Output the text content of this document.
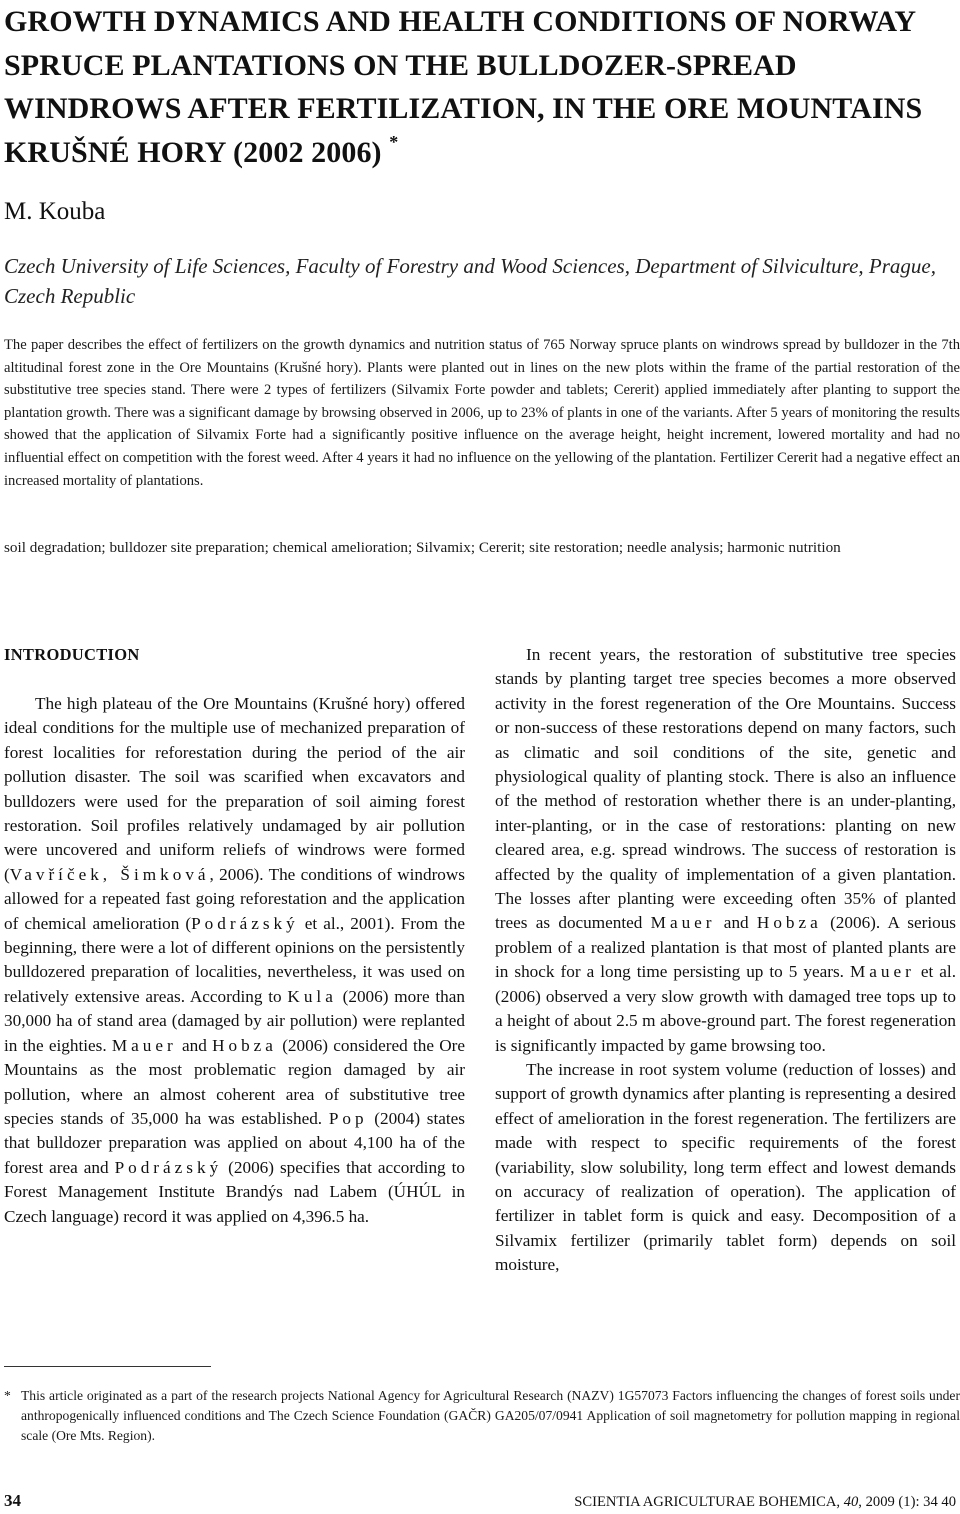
GROWTH DYNAMICS AND HEALTH CONDITIONS OF NORWAY SPRUCE PLANTATIONS ON THE BULLDOZER-SPREAD WINDROWS AFTER FERTILIZATION, IN THE ORE MOUNTAINS KRUŠNÉ HORY (2002 2006) *

M. Kouba

Czech University of Life Sciences, Faculty of Forestry and Wood Sciences, Department of Silviculture, Prague, Czech Republic

The paper describes the effect of fertilizers on the growth dynamics and nutrition status of 765 Norway spruce plants on windrows spread by bulldozer in the 7th altitudinal forest zone in the Ore Mountains (Krušné hory). Plants were planted out in lines on the new plots within the frame of the partial restoration of the substitutive tree species stand. There were 2 types of fertilizers (Silvamix Forte powder and tablets; Cererit) applied immediately after planting to support the plantation growth. There was a significant damage by browsing observed in 2006, up to 23% of plants in one of the variants. After 5 years of monitoring the results showed that the application of Silvamix Forte had a significantly positive influence on the average height, height increment, lowered mortality and had no influential effect on competition with the forest weed. After 4 years it had no influence on the yellowing of the plantation. Fertilizer Cererit had a negative effect an increased mortality of plantations.

soil degradation; bulldozer site preparation; chemical amelioration; Silvamix; Cererit; site restoration; needle analysis; harmonic nutrition

INTRODUCTION

The high plateau of the Ore Mountains (Krušné hory) offered ideal conditions for the multiple use of mechanized preparation of forest localities for reforestation during the period of the air pollution disaster. The soil was scarified when excavators and bulldozers were used for the preparation of soil aiming forest restoration. Soil profiles relatively undamaged by air pollution were uncovered and uniform reliefs of windrows were formed (Vavříček, Šimková, 2006). The conditions of windrows allowed for a repeated fast going reforestation and the application of chemical amelioration (Podrázský et al., 2001). From the beginning, there were a lot of different opinions on the persistently bulldozered preparation of localities, nevertheless, it was used on relatively extensive areas. According to Kula (2006) more than 30,000 ha of stand area (damaged by air pollution) were replanted in the eighties. Mauer and Hobza (2006) considered the Ore Mountains as the most problematic region damaged by air pollution, where an almost coherent area of substitutive tree species stands of 35,000 ha was established. Pop (2004) states that bulldozer preparation was applied on about 4,100 ha of the forest area and Podrázský (2006) specifies that according to Forest Management Institute Brandýs nad Labem (ÚHÚL in Czech language) record it was applied on 4,396.5 ha.

In recent years, the restoration of substitutive tree species stands by planting target tree species becomes a more observed activity in the forest regeneration of the Ore Mountains. Success or non-success of these restorations depend on many factors, such as climatic and soil conditions of the site, genetic and physiological quality of planting stock. There is also an influence of the method of restoration whether there is an under-planting, inter-planting, or in the case of restorations: planting on new cleared area, e.g. spread windrows. The success of restoration is affected by the quality of implementation of a given plantation. The losses after planting were exceeding often 35% of planted trees as documented Mauer and Hobza (2006). A serious problem of a realized plantation is that most of planted plants are in shock for a long time persisting up to 5 years. Mauer et al. (2006) observed a very slow growth with damaged tree tops up to a height of about 2.5 m above-ground part. The forest regeneration is significantly impacted by game browsing too.

The increase in root system volume (reduction of losses) and support of growth dynamics after planting is representing a desired effect of amelioration in the forest regeneration. The fertilizers are made with respect to specific requirements of the forest (variability, slow solubility, long term effect and lowest demands on accuracy of realization of operation). The application of fertilizer in tablet form is quick and easy. Decomposition of a Silvamix fertilizer (primarily tablet form) depends on soil moisture,

* This article originated as a part of the research projects National Agency for Agricultural Research (NAZV) 1G57073 Factors influencing the changes of forest soils under anthropogenically influenced conditions and The Czech Science Foundation (GAČR) GA205/07/0941 Application of soil magnetometry for pollution mapping in regional scale (Ore Mts. Region).

34	SCIENTIA AGRICULTURAE BOHEMICA, 40, 2009 (1): 34 40
